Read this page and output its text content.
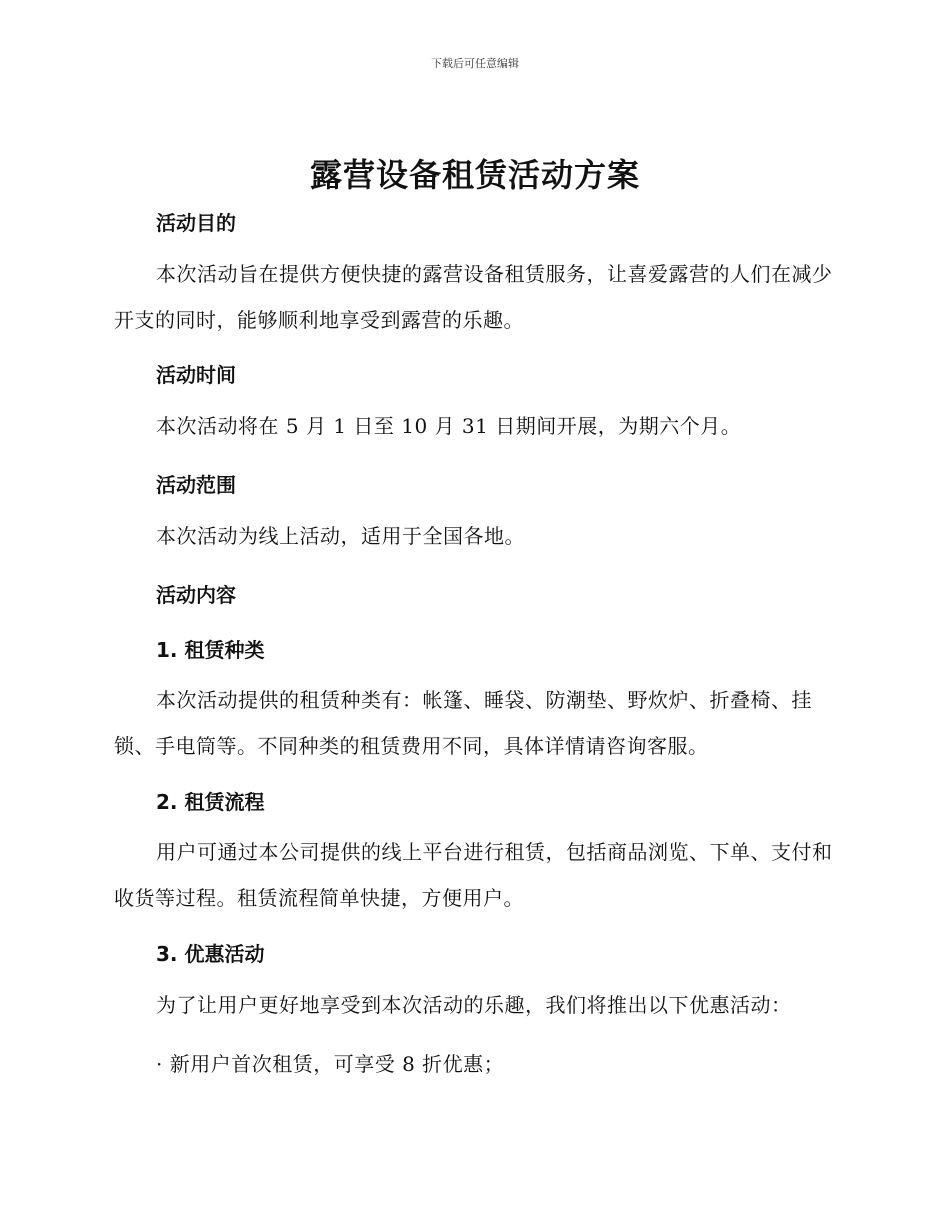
下载后可任意编辑
露营设备租赁活动方案
活动目的
本次活动旨在提供方便快捷的露营设备租赁服务，让喜爱露营的人们在减少开支的同时，能够顺利地享受到露营的乐趣。
活动时间
本次活动将在 5 月 1 日至 10 月 31 日期间开展，为期六个月。
活动范围
本次活动为线上活动，适用于全国各地。
活动内容
1. 租赁种类
本次活动提供的租赁种类有：帐篷、睡袋、防潮垫、野炊炉、折叠椅、挂锁、手电筒等。不同种类的租赁费用不同，具体详情请咨询客服。
2. 租赁流程
用户可通过本公司提供的线上平台进行租赁，包括商品浏览、下单、支付和收货等过程。租赁流程简单快捷，方便用户。
3. 优惠活动
为了让用户更好地享受到本次活动的乐趣，我们将推出以下优惠活动：
· 新用户首次租赁，可享受 8 折优惠；
